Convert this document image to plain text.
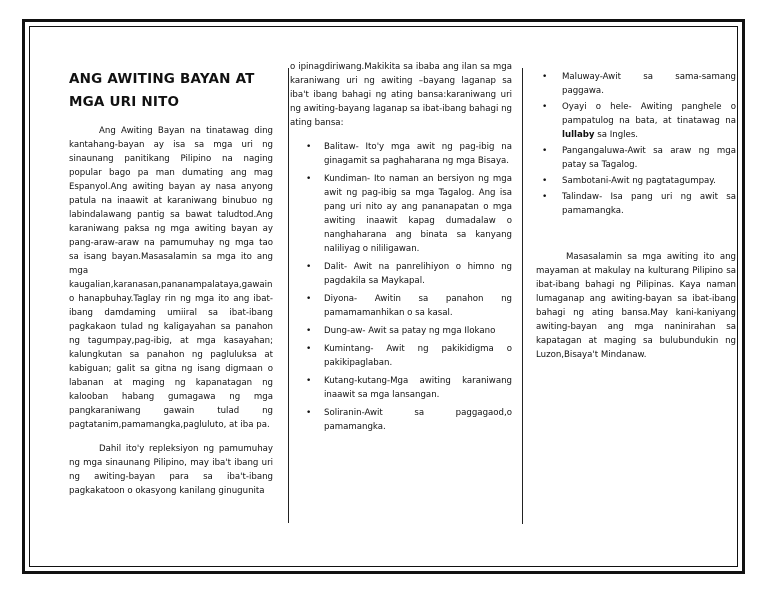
ANG AWITING BAYAN AT MGA URI NITO

Ang Awiting Bayan na tinatawag ding kantahang-bayan ay isa sa mga uri ng sinaunang panitikang Pilipino na naging popular bago pa man dumating ang mag Espanyol.Ang awiting bayan ay nasa anyong patula na inaawit at karaniwang binubuo ng labindalawang pantig sa bawat taludtod.Ang karaniwang paksa ng mga awiting bayan ay pang-araw-araw na pamumuhay ng mga tao sa isang bayan.Masasalamin sa mga ito ang mga kaugalian,karanasan,pananampalataya,gawain o hanapbuhay.Taglay rin ng mga ito ang ibat-ibang damdaming umiiral sa ibat-ibang pagkakaon tulad ng kaligayahan sa panahon ng tagumpay,pag-ibig, at mga kasayahan; kalungkutan sa panahon ng pagluluksa at kabiguan; galit sa gitna ng isang digmaan o labanan at maging ng kapanatagan ng kalooban habang gumagawa ng mga pangkaraniwang gawain tulad ng pagtatanim,pamamangka,pagluluto, at iba pa.

Dahil ito'y repleksiyon ng pamumuhay ng mga sinaunang Pilipino, may iba't ibang uri ng awiting-bayan para sa iba't-ibang pagkakatoon o okasyong kanilang ginugunita

o ipinagdiriwang.Makikita sa ibaba ang ilan sa mga karaniwang uri ng awiting –bayang laganap sa iba't ibang bahagi ng ating bansa:karaniwang uri ng awiting-bayang laganap sa ibat-ibang bahagi ng ating bansa:

• Balitaw- Ito'y mga awit ng pag-ibig na ginagamit sa paghaharana ng mga Bisaya.
• Kundiman- Ito naman an bersiyon ng mga awit ng pag-ibig sa mga Tagalog. Ang isa pang uri nito ay ang pananapatan o mga awiting inaawit kapag dumadalaw o nanghaharana ang binata sa kanyang naliliyag o nililigawan.
• Dalit- Awit na panrelihiyon o himno ng pagdakila sa Maykapal.
• Diyona- Awitin sa panahon ng pamamamanhikan o sa kasal.
• Dung-aw- Awit sa patay ng mga Ilokano
• Kumintang- Awit ng pakikidigma o pakikipaglaban.
• Kutang-kutang-Mga awiting karaniwang inaawit sa mga lansangan.
• Soliranin-Awit sa paggagaod,o pamamangka.
• Maluway-Awit sa sama-samang paggawa.
• Oyayi o hele- Awiting panghele o pampatulog na bata, at tinatawag na lullaby sa Ingles.
• Pangangaluwa-Awit sa araw ng mga patay sa Tagalog.
• Sambotani-Awit ng pagtatagumpay.
• Talindaw- Isa pang uri ng awit sa pamamangka.

Masasalamin sa mga awiting ito ang mayaman at makulay na kulturang Pilipino sa ibat-ibang bahagi ng Pilipinas. Kaya naman lumaganap ang awiting-bayan sa ibat-ibang bahagi ng ating bansa.May kani-kaniyang awiting-bayan ang mga naninirahan sa kapatagan at maging sa bulubundukin ng Luzon,Bisaya't Mindanaw.
